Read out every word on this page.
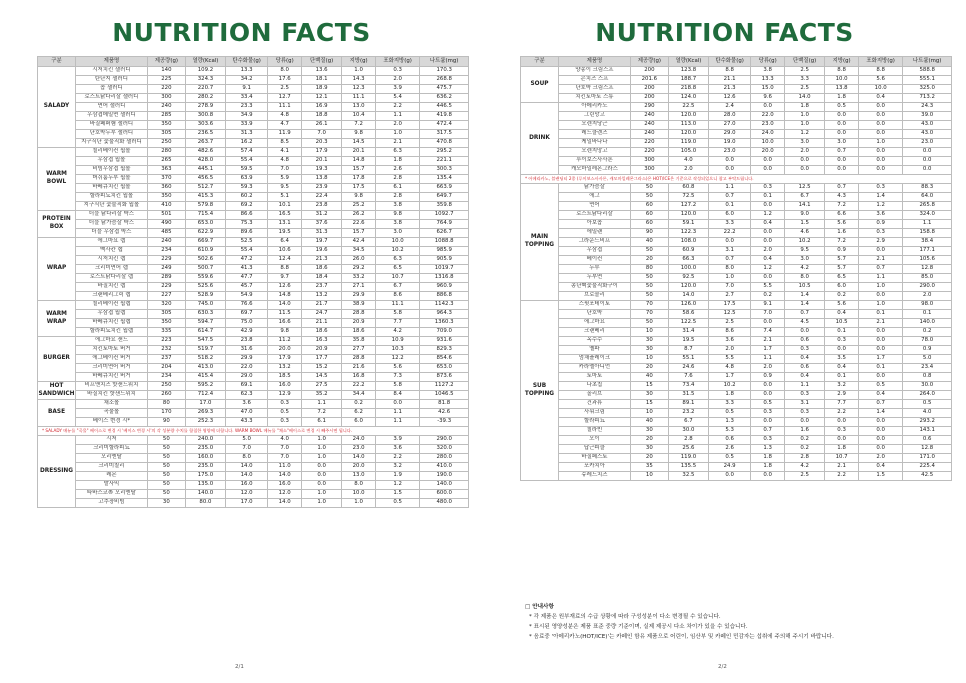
NUTRITION FACTS
구분	제품명	제공량(g)	열량(Kcal)	탄수화물(g)	당류(g)	단백질(g)	지방(g)	포화지방(g)	나트륨(mg)
SALADY	시저치킨 샐러디	140	109.2	13.3	8.0	13.6	1.0	0.3	170.3
	탄단지 샐러디	225	324.3	34.2	17.6	18.1	14.3	2.0	268.8
	콥 샐러디	220	220.7	9.1	2.5	18.9	12.3	3.9	475.7
	로스트닭다리살 샐러디	300	280.2	33.4	12.7	12.1	11.1	5.4	636.2
	연어 샐러디	240	278.9	23.3	11.1	16.9	13.0	2.2	446.5
	우삼겹메밀면 샐러디	285	300.8	34.9	4.8	18.8	10.4	1.1	419.8
	바질페퍼햄 샐러디	350	303.6	33.9	4.7	26.1	7.2	2.0	472.4
	단호박두부 샐러디	305	236.5	31.3	11.9	7.0	9.8	1.0	317.5
	지구식단 숯불직화 샐러디	250	263.7	16.2	8.5	20.3	14.5	2.1	470.8
WARM BOWL	칠리베이컨 웜볼	280	482.6	57.4	4.1	17.9	20.1	6.3	295.2
	우삼겹 웜볼	265	428.0	55.4	4.8	20.1	14.8	1.8	221.1
	비빔우삼겹 웜볼	363	445.1	59.5	7.0	19.3	15.7	2.6	300.3
	머쉬룸두부 웜볼	370	456.5	63.9	5.9	13.8	17.8	2.8	135.4
	바베큐치킨 웜볼	360	512.7	59.3	9.5	23.9	17.5	6.1	663.9
	할라피뇨치킨 웜볼	350	415.3	60.2	5.1	22.4	9.8	2.8	649.7
	지구식단 숯불직화 웜볼	410	579.8	69.2	10.1	23.8	25.2	3.8	359.8
PROTEIN BOX	더블 닭다리살 박스	501	715.4	86.6	16.5	31.2	26.2	9.8	1092.7
	더블 닭가슴살 박스	490	653.0	75.3	13.1	37.6	22.6	3.8	764.9
	더블 우삼겹 박스	485	622.9	89.6	19.5	31.3	15.7	3.0	626.7
WRAP	에그마요 랩	240	669.7	52.5	6.4	19.7	42.4	10.0	1088.8
	맥사칸 랩	234	610.9	55.4	10.6	19.6	34.5	10.2	985.9
	시저치킨 랩	229	502.6	47.2	12.4	21.3	26.0	6.3	905.9
	크리미연어 랩	249	500.7	41.3	8.8	18.6	29.2	6.5	1019.7
	로스트닭다리살 랩	289	559.6	47.7	9.7	18.4	33.2	10.7	1316.8
	바질치킨 랩	229	525.6	45.7	12.6	23.7	27.1	6.7	960.9
	크랜베리그릭 랩	227	528.9	54.9	14.8	13.2	29.9	8.6	886.8
WARM WRAP	칠리베이컨 웜랩	320	745.0	76.6	14.0	21.7	38.9	11.1	1142.3
	우삼겹 웜랩	305	630.3	69.7	11.5	24.7	28.8	5.8	964.3
	바베큐치킨 웜랩	350	594.7	75.0	16.6	21.1	20.9	7.7	1360.3
	할라피뇨치킨 웜랩	335	614.7	42.9	9.8	18.6	18.6	4.2	709.0
BURGER	에그마요 샌드	223	547.5	23.8	11.2	16.3	35.8	10.9	931.6
	치킨토마토 버거	232	519.7	31.6	20.0	20.9	27.7	10.3	829.3
	에그베이컨 버거	237	518.2	29.9	17.9	17.7	28.8	12.2	854.6
	크리미연어 버거	204	413.0	22.0	13.2	15.2	21.6	5.6	653.0
	바베큐치킨 버거	234	415.4	29.0	18.5	14.5	16.8	7.3	873.6
HOT SANDWICH	비프앤치즈 핫샌드위치	250	595.2	69.1	16.0	27.5	22.2	5.8	1127.2
	바질치킨 핫샌드위치	260	712.4	62.3	12.9	35.2	34.4	8.4	1046.5
BASE	채소볼	80	17.0	3.6	0.3	1.1	0.2	0.0	81.8
	곡물볼	170	269.3	47.0	0.5	7.2	6.2	1.1	42.6
	베이스 변경 시*	90	252.3	43.3	0.3	6.1	6.0	1.1	-39.3
* SALADY 메뉴를 "곡물" 베이스로 변경 시 '베이스 변경 시'의 각 성분량 수치를 합칠한 영양에 더합니다. WARM BOWL 메뉴를 "채소"베이스로 변경 시 빼주시면 됩니다.									
DRESSING	시저	50	240.0	5.0	4.0	1.0	24.0	3.9	290.0
	크리미할라피뇨	50	235.0	7.0	7.0	1.0	23.0	3.6	320.0
	오리엔탈	50	160.0	8.0	7.0	1.0	14.0	2.2	280.0
	크리미칠리	50	235.0	14.0	11.0	0.0	20.0	3.2	410.0
	레몬	50	175.0	14.0	14.0	0.0	13.0	1.9	190.0
	발사믹	50	135.0	16.0	16.0	0.0	8.0	1.2	140.0
	타바스코® 오리엔탈	50	140.0	12.0	12.0	1.0	10.0	1.5	600.0
	고추장비빔	30	80.0	17.0	14.0	1.0	1.0	0.5	480.0
2/1
NUTRITION FACTS
구분	제품명	제공량(g)	열량(Kcal)	탄수화물(g)	당류(g)	단백질(g)	지방(g)	포화지방(g)	나트륨(mg)
SOUP	양송이 크림스프	200	123.8	8.8	3.8	2.5	8.8	8.8	588.8
	콘치즈 스프	201.6	188.7	21.1	13.3	3.3	10.0	5.6	555.1
	단호박 크림스프	200	218.8	21.3	15.0	2.5	13.8	10.0	325.0
	치킨토마토 스튜	200	124.0	12.6	9.6	14.0	1.8	0.4	713.2
DRINK	아메리카노	290	22.5	2.4	0.0	1.8	0.5	0.0	24.3
	그린망고	240	120.0	28.0	22.0	1.0	0.0	0.0	39.0
	오렌지당근	240	113.0	27.0	23.0	1.0	0.0	0.0	43.0
	레드클렌즈	240	120.0	29.0	24.0	1.2	0.0	0.0	43.0
	케일바나나	220	119.0	19.0	10.0	3.0	3.0	1.0	23.0
	오렌지망고	220	105.0	23.0	20.0	2.0	0.7	0.0	0.0
	루이보스사사론	300	4.0	0.0	0.0	0.0	0.0	0.0	0.0
	캐모마일레몬그라스	300	2.0	0.0	0.0	0.0	0.0	0.0	0.0
* 아메리카노, 블랜딩티 2종 (루이보스사사론, 캐모마일레몬그라스)은 HOT/ICE은 기준으로 작성되었으니 참고 부탁드립니다.									
MAIN TOPPING	닭가슴살	50	60.8	1.1	0.3	12.5	0.7	0.3	88.3
	에그	50	72.5	0.7	0.1	6.7	4.3	1.4	64.0
	연어	60	127.2	0.1	0.0	14.1	7.2	1.2	265.8
	로스트닭다리살	60	120.0	6.0	1.2	9.0	6.6	3.6	324.0
	아보콥	60	59.1	3.3	0.4	1.5	5.6	0.9	1.1
	에밀랜	90	122.3	22.2	0.0	4.6	1.6	0.3	158.8
	그라운드비프	40	108.0	0.0	0.0	10.2	7.2	2.9	38.4
	우삼겹	50	60.9	3.1	2.0	9.5	0.9	0.0	177.1
	베이컨	20	66.3	0.7	0.4	3.0	5.7	2.1	105.6
	두부	80	100.0	8.0	1.2	4.2	5.7	0.7	12.8
	두부면	50	92.5	1.0	0.0	8.0	6.5	1.1	85.0
	콩단백숯불직화구이	50	120.0	7.0	5.5	10.5	6.0	1.0	290.0
	브로콜리	50	14.0	2.7	0.2	1.4	0.2	0.0	2.0
SUB TOPPING	스윗포테이토	70	126.0	17.5	9.1	1.4	5.6	1.0	98.0
	단호박	70	58.6	12.5	7.0	0.7	0.4	0.1	0.1
	에그마요	50	122.5	2.5	0.0	4.5	10.5	2.1	140.0
	크랜베리	10	31.4	8.6	7.4	0.0	0.1	0.0	0.2
	옥수수	30	19.5	3.6	2.1	0.6	0.3	0.0	78.0
	옐파	30	8.7	2.0	1.7	0.3	0.0	0.0	0.9
	엄채플레이크	10	55.1	5.5	1.1	0.4	3.5	1.7	5.0
	카라멜아니언	20	24.6	4.8	2.0	0.6	0.4	0.1	23.4
	토마토	40	7.6	1.7	0.9	0.4	0.1	0.0	0.8
	나초칩	15	73.4	10.2	0.0	1.1	3.2	0.5	30.0
	올리브	30	31.5	1.8	0.0	0.3	2.9	0.4	264.0
	건과류	15	89.1	3.3	0.5	3.1	7.7	0.7	0.5
	사워크림	10	23.2	0.5	0.3	0.3	2.2	1.4	4.0
	할라피뇨	40	6.7	1.3	0.0	0.0	0.0	0.0	293.2
	칠라빈	30	30.0	5.3	0.7	1.6	0.3	0.0	143.1
	오이	20	2.8	0.6	0.3	0.2	0.0	0.0	0.6
	답근피클	30	25.6	2.6	1.3	0.2	1.8	0.0	12.8
	바질페스토	20	119.0	0.5	1.8	2.8	10.7	2.0	171.0
	포카치아	35	135.5	24.9	1.8	4.2	2.1	0.4	225.4
	슈레드치즈	10	32.5	0.0	0.0	2.5	2.2	1.5	42.5
□ 안내사항
* 각 제품은 원부재료의 수급 상황에 따라 구성성분이 다소 변경될 수 있습니다.
* 표시된 영양성분은 제품 표준 중량 기준이며, 실제 제공시 다소 차이가 있을 수 있습니다.
* 음료중 '아메리카노(HOT/ICE)'는 카페인 함유 제품으로 어린이, 임산부 및 카페인 민감자는 섭취에 주의해 주시기 바랍니다.
2/2
